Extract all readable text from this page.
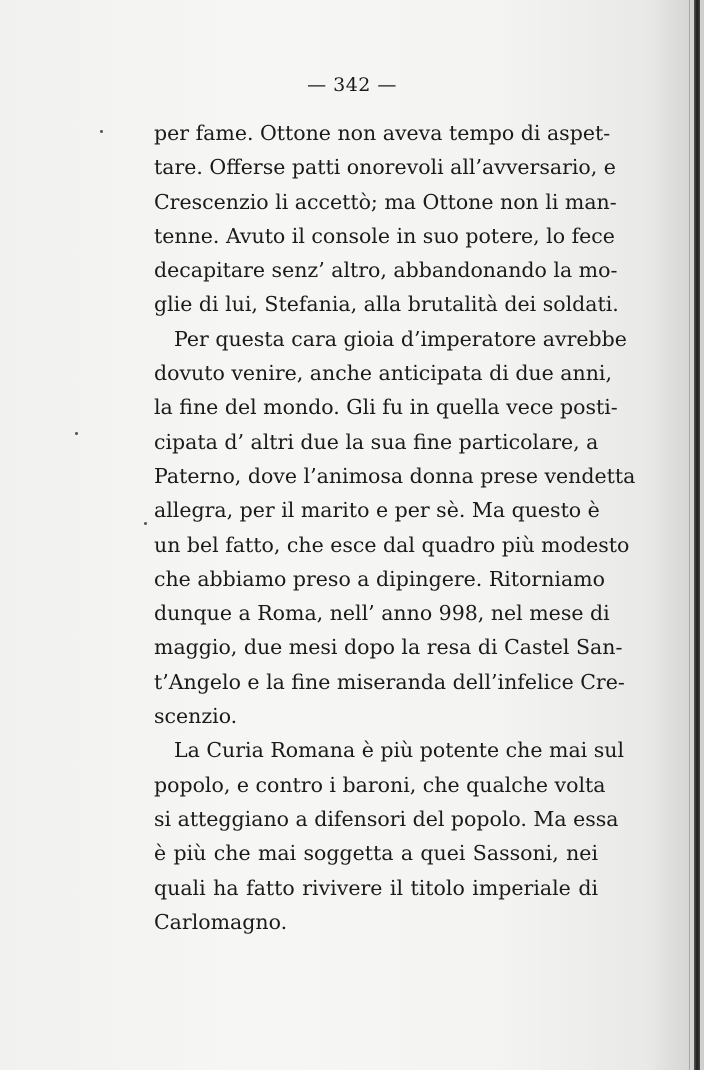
— 342 —
per fame. Ottone non aveva tempo di aspet-
tare. Offerse patti onorevoli all’avversario, e
Crescenzio li accettò; ma Ottone non li man-
tenne. Avuto il console in suo potere, lo fece
decapitare senz’ altro, abbandonando la mo-
glie di lui, Stefania, alla brutalità dei soldati.
Per questa cara gioia d’imperatore avrebbe
dovuto venire, anche anticipata di due anni,
la fine del mondo. Gli fu in quella vece posti-
cipata d’ altri due la sua fine particolare, a
Paterno, dove l’animosa donna prese vendetta
allegra, per il marito e per sè. Ma questo è
un bel fatto, che esce dal quadro più modesto
che abbiamo preso a dipingere. Ritorniamo
dunque a Roma, nell’ anno 998, nel mese di
maggio, due mesi dopo la resa di Castel San-
t’Angelo e la fine miseranda dell’infelice Cre-
scenzio.
La Curia Romana è più potente che mai sul
popolo, e contro i baroni, che qualche volta
si atteggiano a difensori del popolo. Ma essa
è più che mai soggetta a quei Sassoni, nei
quali ha fatto rivivere il titolo imperiale di
Carlomagno.
